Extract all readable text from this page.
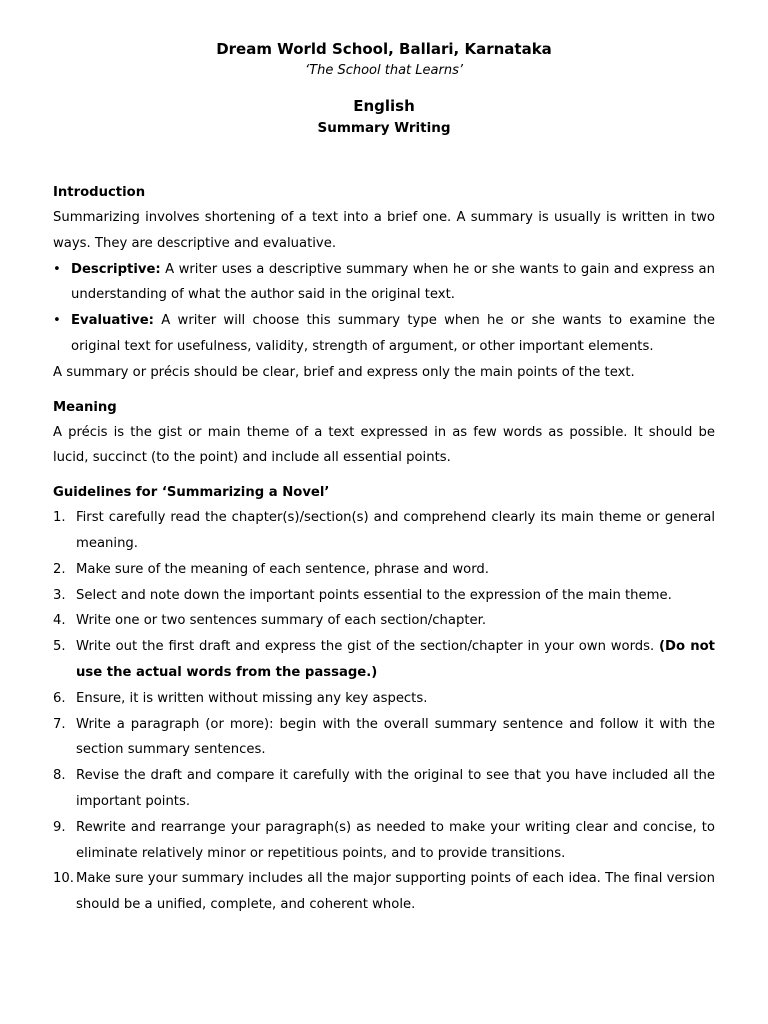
Dream World School, Ballari, Karnataka
‘The School that Learns’
English
Summary Writing

Introduction

Summarizing involves shortening of a text into a brief one. A summary is usually is written in two ways. They are descriptive and evaluative.

• Descriptive: A writer uses a descriptive summary when he or she wants to gain and express an understanding of what the author said in the original text.
• Evaluative: A writer will choose this summary type when he or she wants to examine the original text for usefulness, validity, strength of argument, or other important elements.

A summary or précis should be clear, brief and express only the main points of the text.

Meaning

A précis is the gist or main theme of a text expressed in as few words as possible. It should be lucid, succinct (to the point) and include all essential points.

Guidelines for ‘Summarizing a Novel’

1. First carefully read the chapter(s)/section(s) and comprehend clearly its main theme or general meaning.
2. Make sure of the meaning of each sentence, phrase and word.
3. Select and note down the important points essential to the expression of the main theme.
4. Write one or two sentences summary of each section/chapter.
5. Write out the first draft and express the gist of the section/chapter in your own words. (Do not use the actual words from the passage.)
6. Ensure, it is written without missing any key aspects.
7. Write a paragraph (or more): begin with the overall summary sentence and follow it with the section summary sentences.
8. Revise the draft and compare it carefully with the original to see that you have included all the important points.
9. Rewrite and rearrange your paragraph(s) as needed to make your writing clear and concise, to eliminate relatively minor or repetitious points, and to provide transitions.
10. Make sure your summary includes all the major supporting points of each idea. The final version should be a unified, complete, and coherent whole.
